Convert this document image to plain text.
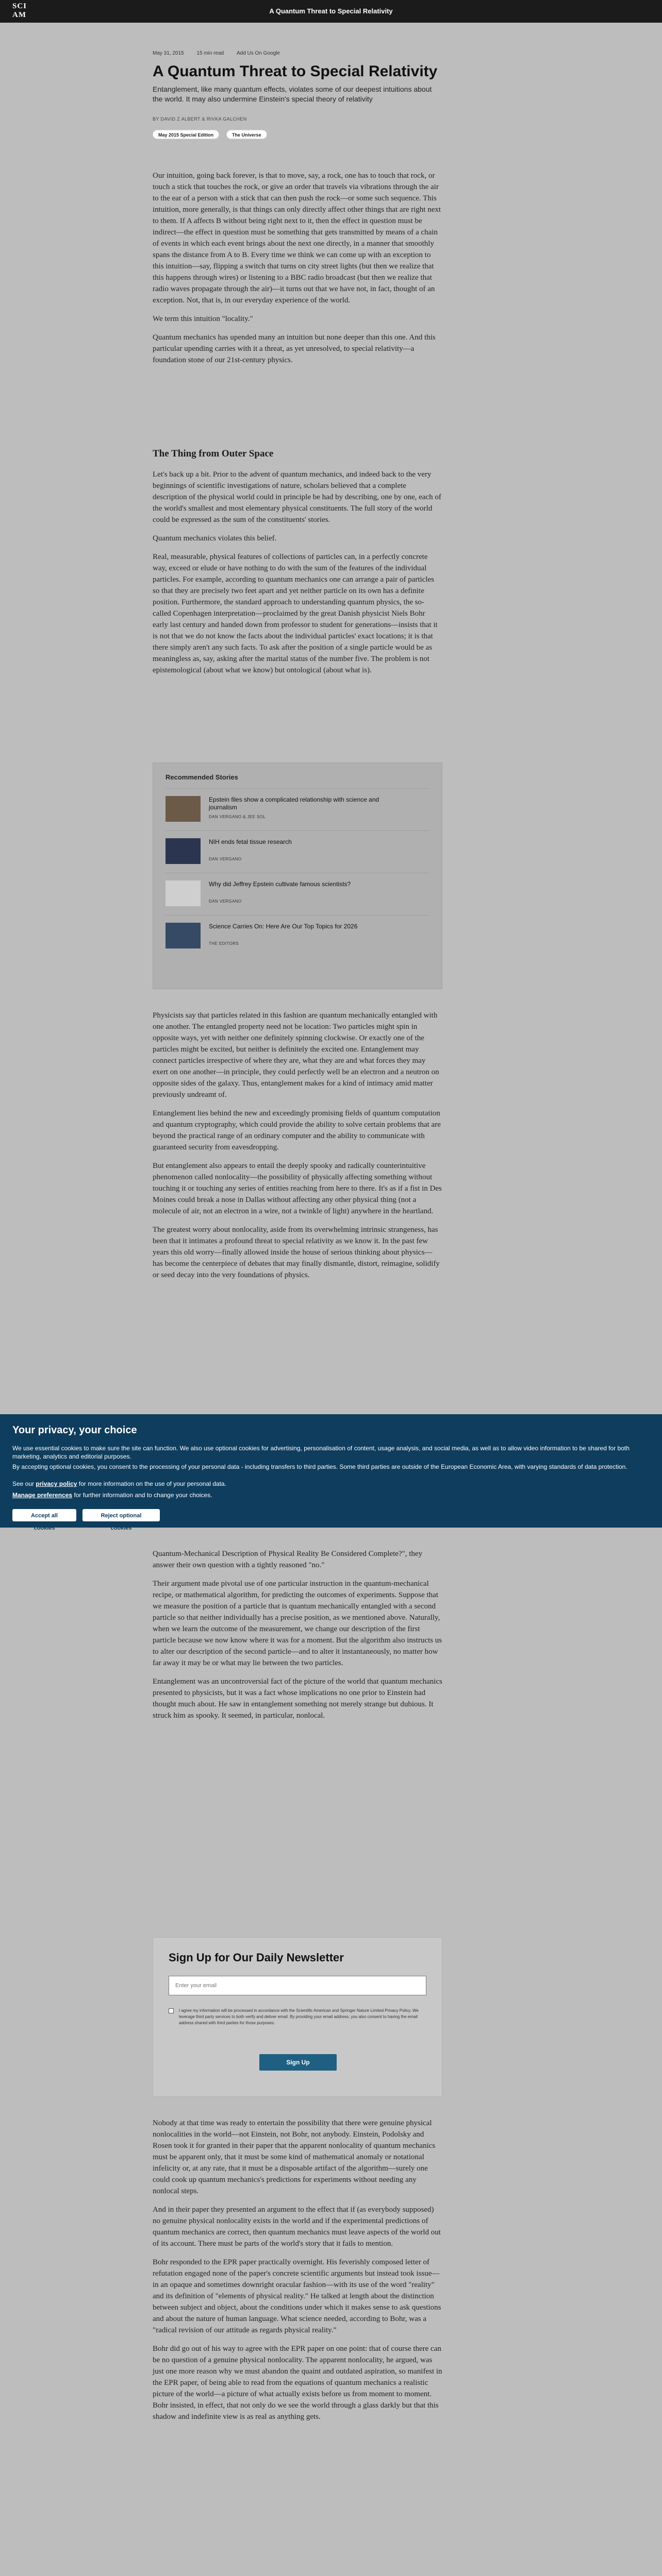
SCI
AM	A Quantum Threat to Special Relativity
May 31, 2015 15 min read Add Us On Google
A Quantum Threat to Special Relativity
Entanglement, like many quantum effects, violates some of our deepest intuitions about the world. It may also undermine Einstein's special theory of relativity
BY DAVID Z ALBERT & RIVKA GALCHEN
May 2015 Special Edition	The Universe

Our intuition, going back forever, is that to move, say, a rock, one has to touch that rock, or touch a stick that touches the rock, or give an order that travels via vibrations through the air to the ear of a person with a stick that can then push the rock—or some such sequence. This intuition, more generally, is that things can only directly affect other things that are right next to them. If A affects B without being right next to it, then the effect in question must be indirect—the effect in question must be something that gets transmitted by means of a chain of events in which each event brings about the next one directly, in a manner that smoothly spans the distance from A to B. Every time we think we can come up with an exception to this intuition—say, flipping a switch that turns on city street lights (but then we realize that this happens through wires) or listening to a BBC radio broadcast (but then we realize that radio waves propagate through the air)—it turns out that we have not, in fact, thought of an exception. Not, that is, in our everyday experience of the world.

We term this intuition "locality."

Quantum mechanics has upended many an intuition but none deeper than this one. And this particular upending carries with it a threat, as yet unresolved, to special relativity—a foundation stone of our 21st-century physics.

The Thing from Outer Space

Let's back up a bit. Prior to the advent of quantum mechanics, and indeed back to the very beginnings of scientific investigations of nature, scholars believed that a complete description of the physical world could in principle be had by describing, one by one, each of the world's smallest and most elementary physical constituents. The full story of the world could be expressed as the sum of the constituents' stories.

Quantum mechanics violates this belief.

Real, measurable, physical features of collections of particles can, in a perfectly concrete way, exceed or elude or have nothing to do with the sum of the features of the individual particles. For example, according to quantum mechanics one can arrange a pair of particles so that they are precisely two feet apart and yet neither particle on its own has a definite position. Furthermore, the standard approach to understanding quantum physics, the so-called Copenhagen interpretation—proclaimed by the great Danish physicist Niels Bohr early last century and handed down from professor to student for generations—insists that it is not that we do not know the facts about the individual particles' exact locations; it is that there simply aren't any such facts. To ask after the position of a single particle would be as meaningless as, say, asking after the marital status of the number five. The problem is not epistemological (about what we know) but ontological (about what is).

Recommended Stories
Epstein files show a complicated relationship with science and journalism
DAN VERGANO & JEE SOL
NIH ends fetal tissue research
DAN VERGANO
Why did Jeffrey Epstein cultivate famous scientists?
DAN VERGANO
Science Carries On: Here Are Our Top Topics for 2026
THE EDITORS

Physicists say that particles related in this fashion are quantum mechanically entangled with one another. The entangled property need not be location: Two particles might spin in opposite ways, yet with neither one definitely spinning clockwise. Or exactly one of the particles might be excited, but neither is definitely the excited one. Entanglement may connect particles irrespective of where they are, what they are and what forces they may exert on one another—in principle, they could perfectly well be an electron and a neutron on opposite sides of the galaxy. Thus, entanglement makes for a kind of intimacy amid matter previously undreamt of.

Entanglement lies behind the new and exceedingly promising fields of quantum computation and quantum cryptography, which could provide the ability to solve certain problems that are beyond the practical range of an ordinary computer and the ability to communicate with guaranteed security from eavesdropping.

But entanglement also appears to entail the deeply spooky and radically counterintuitive phenomenon called nonlocality—the possibility of physically affecting something without touching it or touching any series of entities reaching from here to there. It's as if a fist in Des Moines could break a nose in Dallas without affecting any other physical thing (not a molecule of air, not an electron in a wire, not a twinkle of light) anywhere in the heartland.

The greatest worry about nonlocality, aside from its overwhelming intrinsic strangeness, has been that it intimates a profound threat to special relativity as we know it. In the past few years this old worry—finally allowed inside the house of serious thinking about physics—has become the centerpiece of debates that may finally dismantle, distort, reimagine, solidify or seed decay into the very foundations of physics.

Your privacy, your choice
We use essential cookies to make sure the site can function. We also use optional cookies for advertising, personalisation of content, usage analysis, and social media, as well as to allow video information to be shared for both marketing, analytics and editorial purposes.
By accepting optional cookies, you consent to the processing of your personal data - including transfers to third parties. Some third parties are outside of the European Economic Area, with varying standards of data protection.
See our privacy policy for more information on the use of your personal data.
Manage preferences for further information and to change your choices.
Accept all cookies
Reject optional cookies

Quantum-Mechanical Description of Physical Reality Be Considered Complete?", they answer their own question with a tightly reasoned "no."

Their argument made pivotal use of one particular instruction in the quantum-mechanical recipe, or mathematical algorithm, for predicting the outcomes of experiments. Suppose that we measure the position of a particle that is quantum mechanically entangled with a second particle so that neither individually has a precise position, as we mentioned above. Naturally, when we learn the outcome of the measurement, we change our description of the first particle because we now know where it was for a moment. But the algorithm also instructs us to alter our description of the second particle—and to alter it instantaneously, no matter how far away it may be or what may lie between the two particles.

Entanglement was an uncontroversial fact of the picture of the world that quantum mechanics presented to physicists, but it was a fact whose implications no one prior to Einstein had thought much about. He saw in entanglement something not merely strange but dubious. It struck him as spooky. It seemed, in particular, nonlocal.

Sign Up for Our Daily Newsletter
Enter your email
I agree my information will be processed in accordance with the Scientific American and Springer Nature Limited Privacy Policy. We leverage third party services to both verify and deliver email. By providing your email address, you also consent to having the email address shared with third parties for those purposes.
Sign Up

Nobody at that time was ready to entertain the possibility that there were genuine physical nonlocalities in the world—not Einstein, not Bohr, not anybody. Einstein, Podolsky and Rosen took it for granted in their paper that the apparent nonlocality of quantum mechanics must be apparent only, that it must be some kind of mathematical anomaly or notational infelicity or, at any rate, that it must be a disposable artifact of the algorithm—surely one could cook up quantum mechanics's predictions for experiments without needing any nonlocal steps.

And in their paper they presented an argument to the effect that if (as everybody supposed) no genuine physical nonlocality exists in the world and if the experimental predictions of quantum mechanics are correct, then quantum mechanics must leave aspects of the world out of its account. There must be parts of the world's story that it fails to mention.

Bohr responded to the EPR paper practically overnight. His feverishly composed letter of refutation engaged none of the paper's concrete scientific arguments but instead took issue—in an opaque and sometimes downright oracular fashion—with its use of the word "reality" and its definition of "elements of physical reality." He talked at length about the distinction between subject and object, about the conditions under which it makes sense to ask questions and about the nature of human language. What science needed, according to Bohr, was a "radical revision of our attitude as regards physical reality."

Bohr did go out of his way to agree with the EPR paper on one point: that of course there can be no question of a genuine physical nonlocality. The apparent nonlocality, he argued, was just one more reason why we must abandon the quaint and outdated aspiration, so manifest in the EPR paper, of being able to read from the equations of quantum mechanics a realistic picture of the world—a picture of what actually exists before us from moment to moment. Bohr insisted, in effect, that not only do we see the world through a glass darkly but that this shadow and indefinite view is as real as anything gets.
